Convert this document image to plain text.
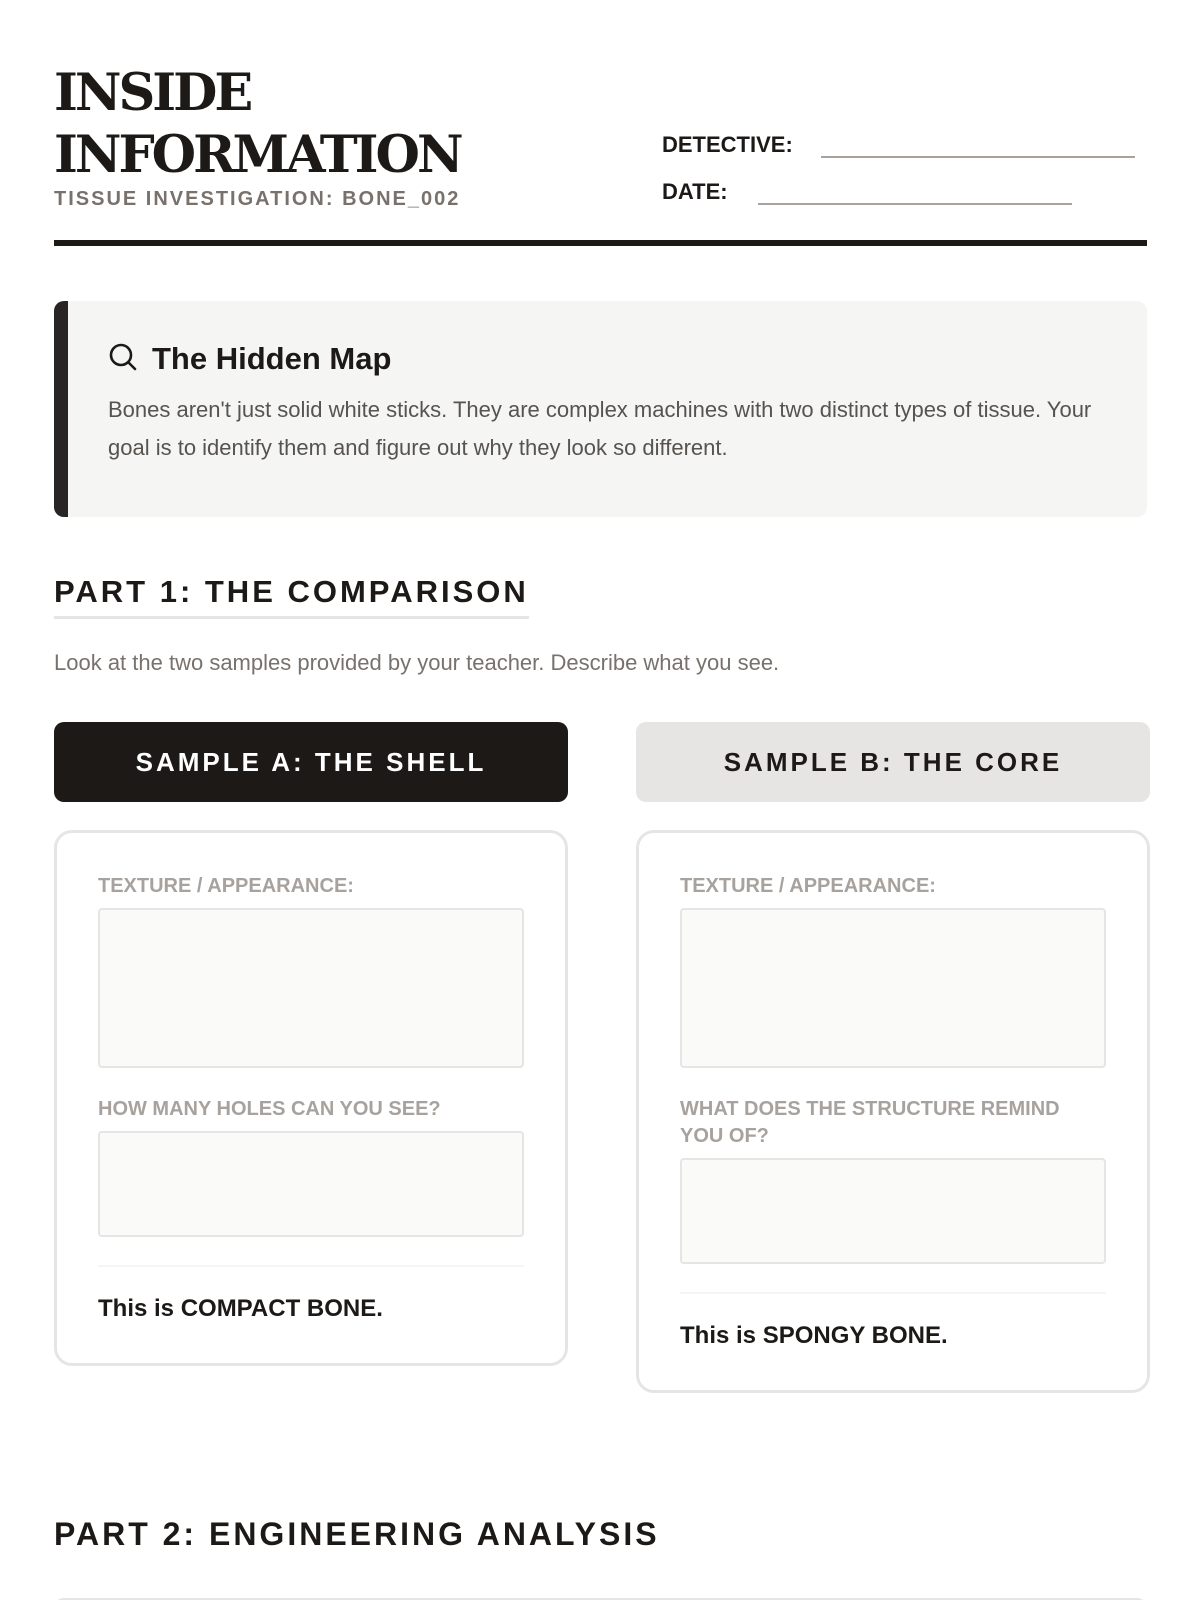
INSIDE
INFORMATION
TISSUE INVESTIGATION: BONE_002
DETECTIVE:
DATE:
The Hidden Map

Bones aren't just solid white sticks. They are complex machines with two distinct types of tissue. Your goal is to identify them and figure out why they look so different.

PART 1: THE COMPARISON
Look at the two samples provided by your teacher. Describe what you see.
SAMPLE A: THE SHELL	SAMPLE B: THE CORE
TEXTURE / APPEARANCE:
HOW MANY HOLES CAN YOU SEE?
This is COMPACT BONE.
TEXTURE / APPEARANCE:
WHAT DOES THE STRUCTURE REMIND YOU OF?
This is SPONGY BONE.
PART 2: ENGINEERING ANALYSIS
